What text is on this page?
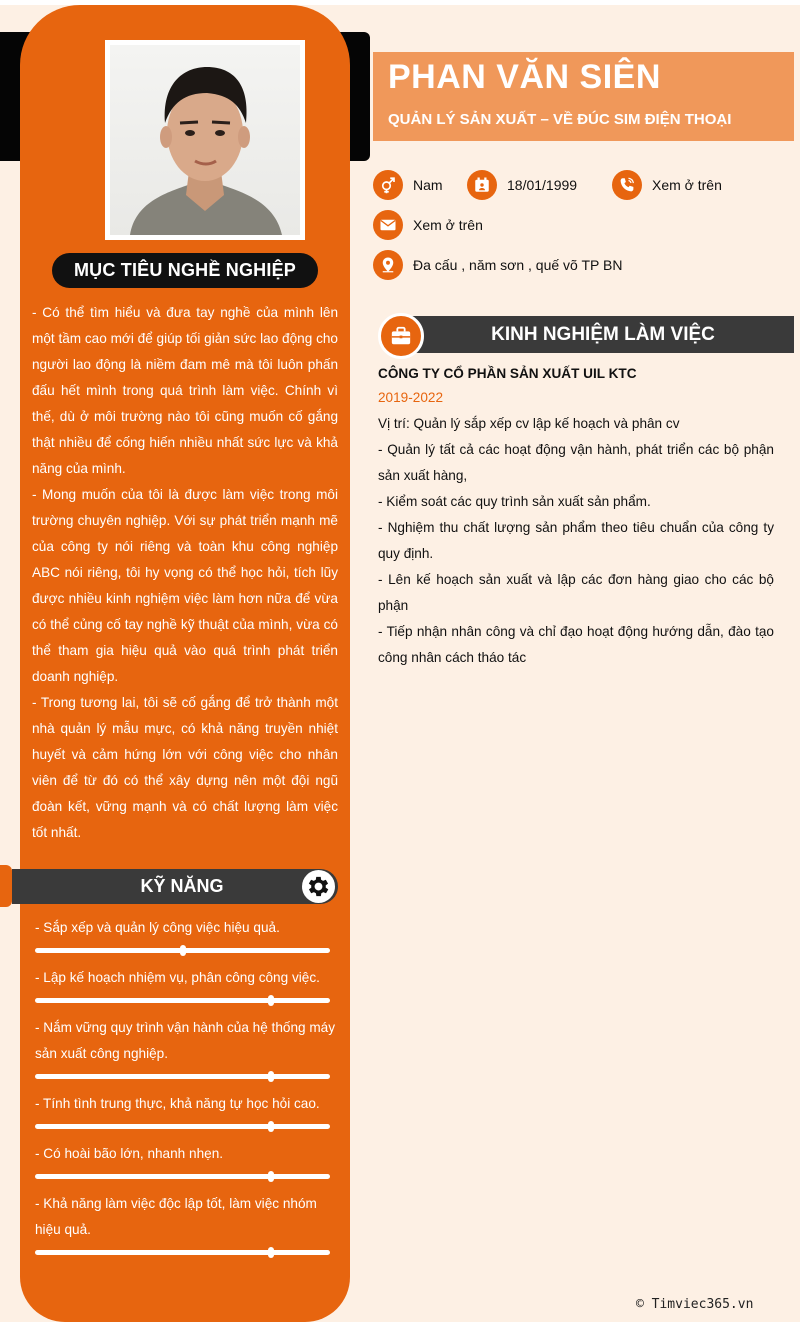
MỤC TIÊU NGHỀ NGHIỆP

- Có thể tìm hiểu và đưa tay nghề của mình lên một tầm cao mới để giúp tối giản sức lao động cho người lao động là niềm đam mê mà tôi luôn phấn đấu hết mình trong quá trình làm việc. Chính vì thế, dù ở môi trường nào tôi cũng muốn cố gắng thật nhiều để cống hiến nhiều nhất sức lực và khả năng của mình.

- Mong muốn của tôi là được làm việc trong môi trường chuyên nghiệp. Với sự phát triển mạnh mẽ của công ty nói riêng và toàn khu công nghiệp ABC nói riêng, tôi hy vọng có thể học hỏi, tích lũy được nhiều kinh nghiệm việc làm hơn nữa để vừa có thể củng cố tay nghề kỹ thuật của mình, vừa có thể tham gia hiệu quả vào quá trình phát triển doanh nghiệp.

- Trong tương lai, tôi sẽ cố gắng để trở thành một nhà quản lý mẫu mực, có khả năng truyền nhiệt huyết và cảm hứng lớn với công việc cho nhân viên để từ đó có thể xây dựng nên một đội ngũ đoàn kết, vững mạnh và có chất lượng làm việc tốt nhất.

KỸ NĂNG
- Sắp xếp và quản lý công việc hiệu quả.
- Lập kế hoạch nhiệm vụ, phân công công việc.
- Nắm vững quy trình vận hành của hệ thống máy sản xuất công nghiệp.
- Tính tình trung thực, khả năng tự học hỏi cao.
- Có hoài bão lớn, nhanh nhẹn.
- Khả năng làm việc độc lập tốt, làm việc nhóm hiệu quả.
PHAN VĂN SIÊN
QUẢN LÝ SẢN XUẤT – VỀ ĐÚC SIM ĐIỆN THOẠI
Nam	18/01/1999	Xem ở trên
Xem ở trên
Đa cấu , năm sơn , quế võ TP BN
KINH NGHIỆM LÀM VIỆC
CÔNG TY CỔ PHẦN SẢN XUẤT UIL KTC
2019-2022

Vị trí: Quản lý sắp xếp cv lập kế hoạch và phân cv

- Quản lý tất cả các hoạt động vận hành, phát triển các bộ phận sản xuất hàng,

- Kiểm soát các quy trình sản xuất sản phẩm.

- Nghiệm thu chất lượng sản phẩm theo tiêu chuẩn của công ty quy định.

- Lên kế hoạch sản xuất và lập các đơn hàng giao cho các bộ phận

- Tiếp nhận nhân công và chỉ đạo hoạt động hướng dẫn, đào tạo công nhân cách tháo tác

© Timviec365.vn
